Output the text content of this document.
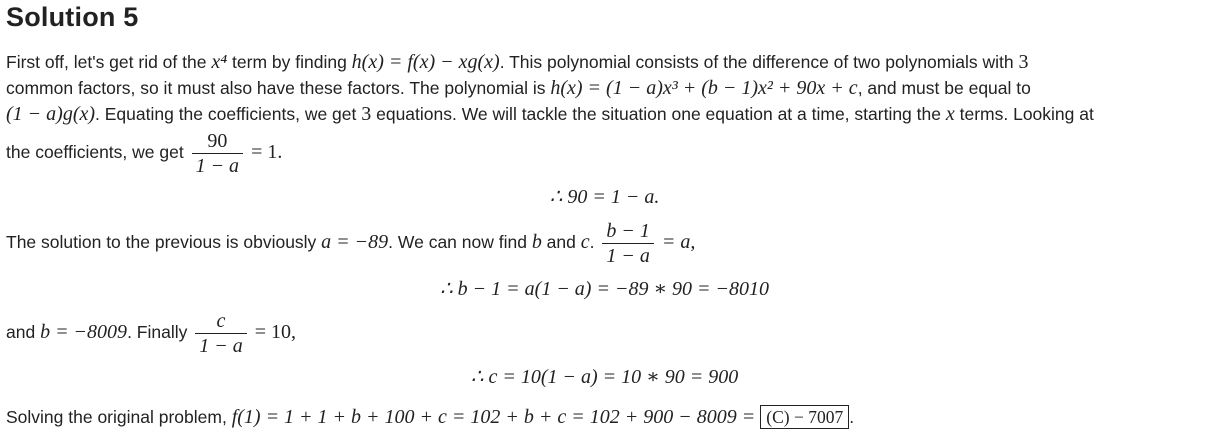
Solution 5
First off, let's get rid of the x⁴ term by finding h(x) = f(x) − xg(x). This polynomial consists of the difference of two polynomials with 3
common factors, so it must also have these factors. The polynomial is h(x) = (1 − a)x³ + (b − 1)x² + 90x + c, and must be equal to
(1 − a)g(x). Equating the coefficients, we get 3 equations. We will tackle the situation one equation at a time, starting the x terms. Looking at
the coefficients, we get $\frac{90}{1 - a} = 1$.
∴ 90 = 1 − a.
The solution to the previous is obviously a = −89. We can now find b and c. $\frac{b - 1}{1 - a} = a$,
∴ b − 1 = a(1 − a) = −89 ∗ 90 = −8010
and b = −8009. Finally $\frac{c}{1 - a} = 10$,
∴ c = 10(1 − a) = 10 ∗ 90 = 900
Solving the original problem, f(1) = 1 + 1 + b + 100 + c = 102 + b + c = 102 + 900 − 8009 = (C) − 7007 .
